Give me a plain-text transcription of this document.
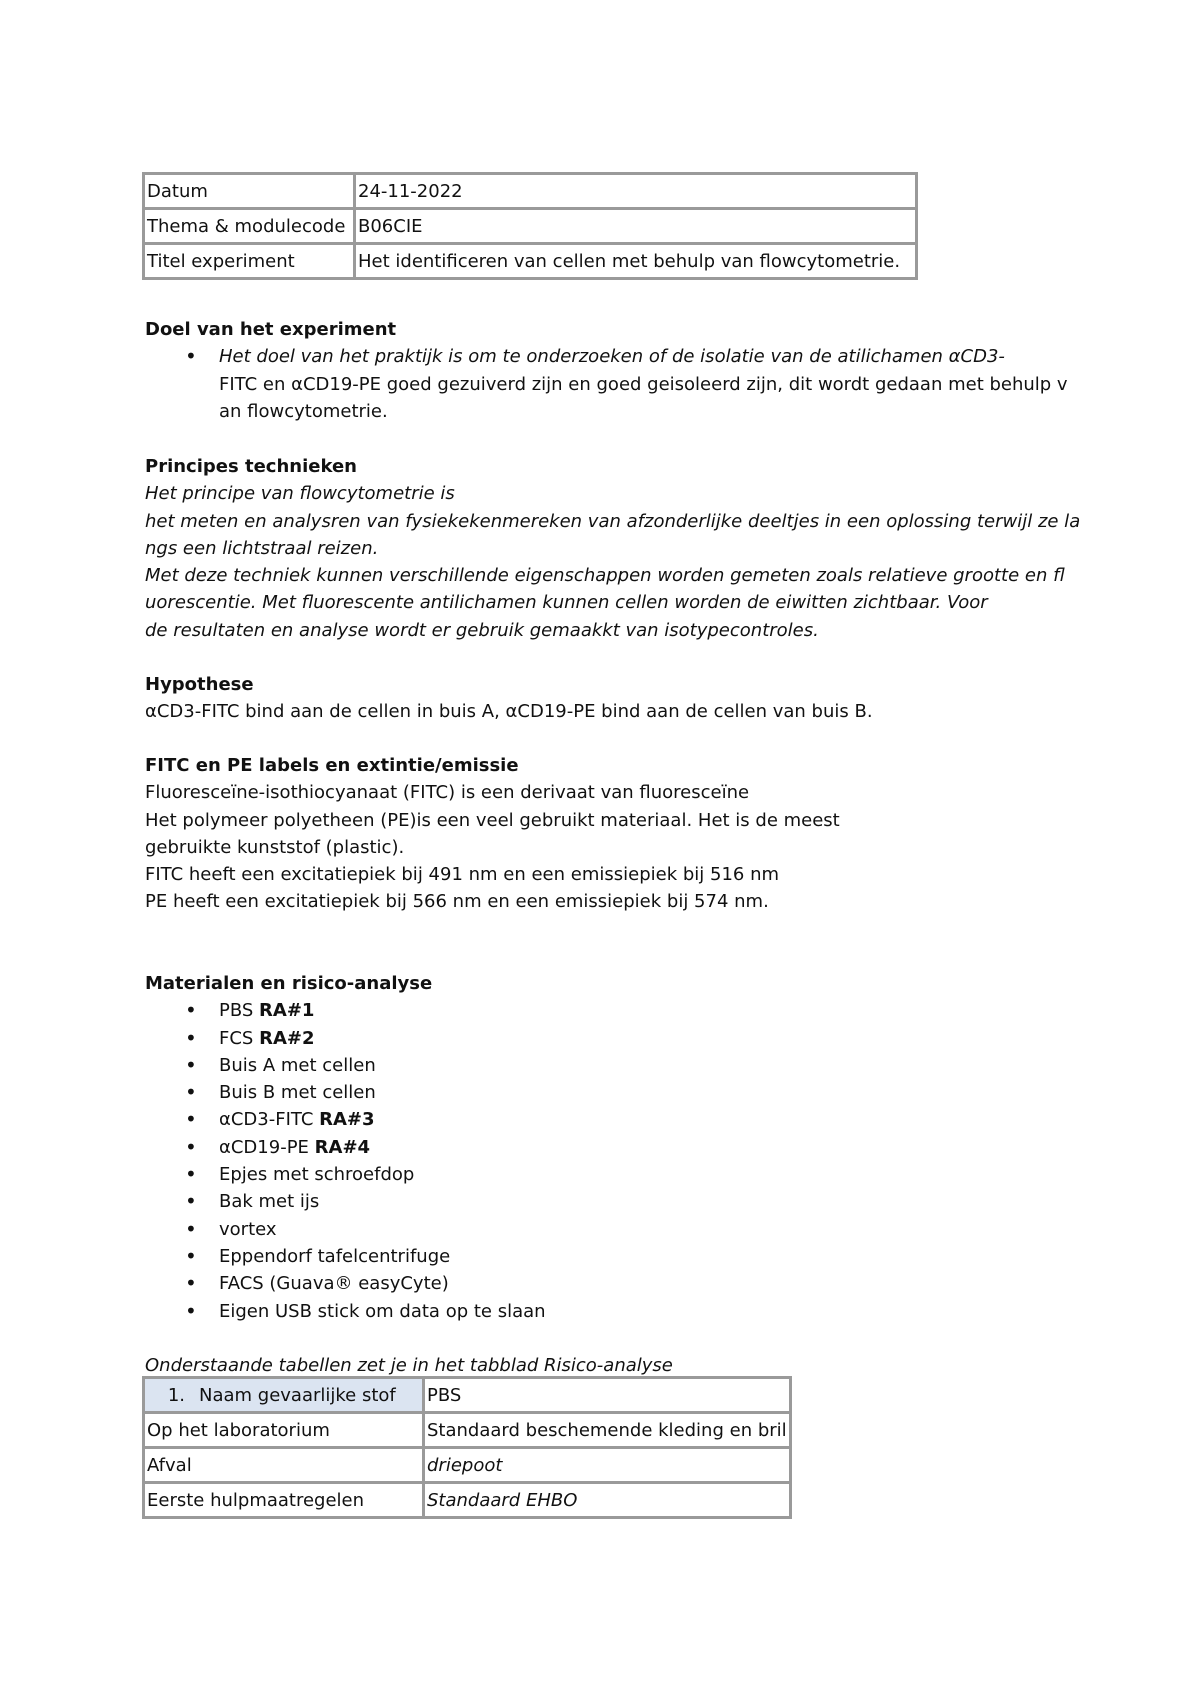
Datum	24-11-2022
Thema & modulecode	B06CIE
Titel experiment	Het identificeren van cellen met behulp van flowcytometrie.
Doel van het experiment
• Het doel van het praktijk is om te onderzoeken of de isolatie van de atilichamen αCD3-
FITC en αCD19-PE goed gezuiverd zijn en goed geisoleerd zijn, dit wordt gedaan met behulp v
an flowcytometrie.
Principes technieken
Het principe van flowcytometrie is
het meten en analysren van fysiekekenmereken van afzonderlijke deeltjes in een oplossing terwijl ze la
ngs een lichtstraal reizen.
Met deze techniek kunnen verschillende eigenschappen worden gemeten zoals relatieve grootte en fl
uorescentie. Met fluorescente antilichamen kunnen cellen worden de eiwitten zichtbaar. Voor
de resultaten en analyse wordt er gebruik gemaakkt van isotypecontroles.
Hypothese
αCD3-FITC bind aan de cellen in buis A, αCD19-PE bind aan de cellen van buis B.
FITC en PE labels en extintie/emissie
Fluoresceïne-isothiocyanaat (FITC) is een derivaat van fluoresceïne
Het polymeer polyetheen (PE)is een veel gebruikt materiaal. Het is de meest
gebruikte kunststof (plastic).
FITC heeft een excitatiepiek bij 491 nm en een emissiepiek bij 516 nm
PE heeft een excitatiepiek bij 566 nm en een emissiepiek bij 574 nm.
Materialen en risico-analyse
• PBS RA#1
• FCS RA#2
• Buis A met cellen
• Buis B met cellen
• αCD3-FITC RA#3
• αCD19-PE RA#4
• Epjes met schroefdop
• Bak met ijs
• vortex
• Eppendorf tafelcentrifuge
• FACS (Guava® easyCyte)
• Eigen USB stick om data op te slaan
Onderstaande tabellen zet je in het tabblad Risico-analyse
1. Naam gevaarlijke stof	PBS
Op het laboratorium	Standaard beschemende kleding en bril
Afval	driepoot
Eerste hulpmaatregelen	Standaard EHBO
